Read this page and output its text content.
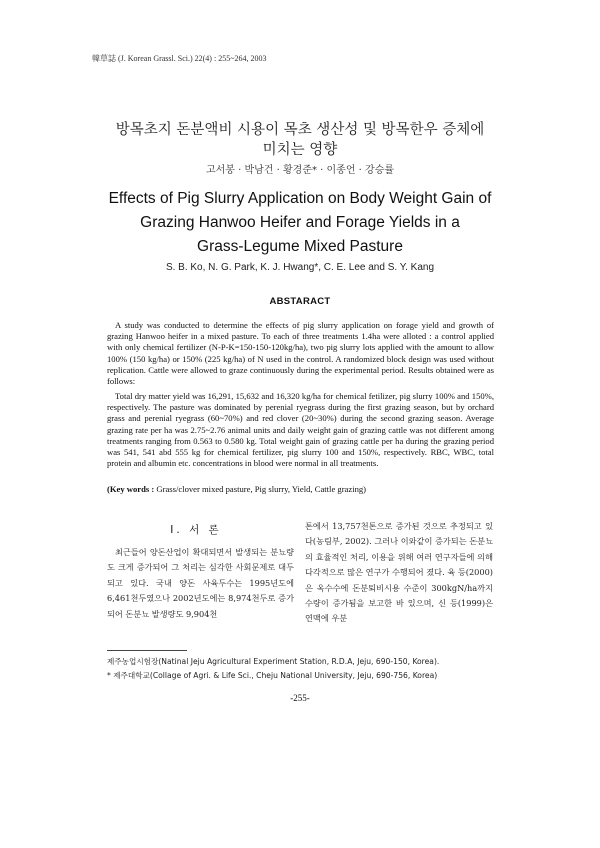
韓草誌 (J. Korean Grassl. Sci.) 22(4) : 255~264, 2003
방목초지 돈분액비 시용이 목초 생산성 및 방목한우 증체에
미치는 영향
고서봉 · 박남건 · 황경준* · 이종언 · 강승률
Effects of Pig Slurry Application on Body Weight Gain of
Grazing Hanwoo Heifer and Forage Yields in a
Grass-Legume Mixed Pasture
S. B. Ko, N. G. Park, K. J. Hwang*, C. E. Lee and S. Y. Kang
ABSTARACT

A study was conducted to determine the effects of pig slurry application on forage yield and growth of grazing Hanwoo heifer in a mixed pasture. To each of three treatments 1.4ha were alloted : a control applied with only chemical fertilizer (N-P-K=150-150-120kg/ha), two pig slurry lots applied with the amount to allow 100% (150 kg/ha) or 150% (225 kg/ha) of N used in the control. A randomized block design was used without replication. Cattle were allowed to graze continuously during the experimental period. Results obtained were as follows:

Total dry matter yield was 16,291, 15,632 and 16,320 kg/ha for chemical fetilizer, pig slurry 100% and 150%, respectively. The pasture was dominated by perenial ryegrass during the first grazing season, but by orchard grass and perenial ryegrass (60~70%) and red clover (20~30%) during the second grazing season. Average grazing rate per ha was 2.75~2.76 animal units and daily weight gain of grazing cattle was not different among treatments ranging from 0.563 to 0.580 kg. Total weight gain of grazing cattle per ha during the grazing period was 541, 541 abd 555 kg for chemical fertilizer, pig slurry 100 and 150%, respectively. RBC, WBC, total protein and albumin etc. concentrations in blood were normal in all treatments.

(Key words : Grass/clover mixed pasture, Pig slurry, Yield, Cattle grazing)

Ⅰ. 서 론

최근들어 양돈산업이 확대되면서 발생되는 분뇨량도 크게 증가되어 그 처리는 심각한 사회문제로 대두되고 있다. 국내 양돈 사육두수는 1995년도에 6,461천두였으나 2002년도에는 8,974천두로 증가되어 돈분뇨 발생량도 9,904천

톤에서 13,757천톤으로 증가된 것으로 추정되고 있다(농림부, 2002). 그러나 이와같이 증가되는 돈분뇨의 효율적인 처리, 이용을 위해 여러 연구자들에 의해 다각적으로 많은 연구가 수행되어 졌다. 육 등(2000)은 옥수수에 돈분퇴비시용 수준이 300kgN/ha까지 수량이 증가됨을 보고한 바 있으며, 신 등(1999)은 연맥에 우분

제주농업시험장(Natinal Jeju Agricultural Experiment Station, R.D.A, Jeju, 690-150, Korea).
* 제주대학교(Collage of Agri. & Life Sci., Cheju National University, Jeju, 690-756, Korea)
-255-
